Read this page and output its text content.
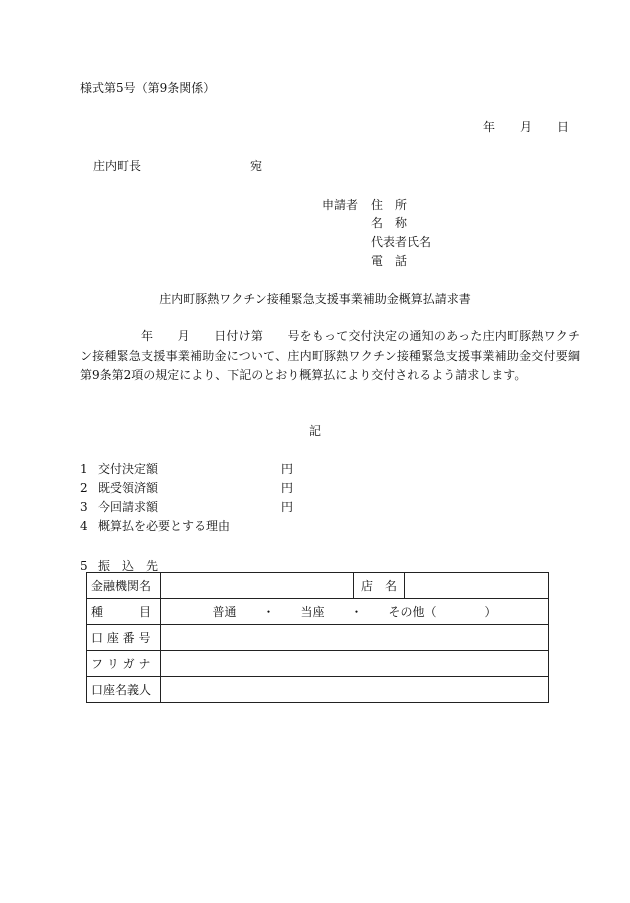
様式第5号（第9条関係）
年 月 日
庄内町長	宛
申請者 住　所
名　称
代表者氏名
電　話
庄内町豚熱ワクチン接種緊急支援事業補助金概算払請求書
　　　　　年　　月　　日付け第　　号をもって交付決定の通知のあった庄内町豚熱ワクチン接種緊急支援事業補助金について、庄内町豚熱ワクチン接種緊急支援事業補助金交付要綱第9条第2項の規定により、下記のとおり概算払により交付されるよう請求します。
記
1 交付決定額	円
2 既受領済額	円
3 今回請求額	円
4 概算払を必要とする理由
5 振　込　先
金融機関名		店　名	
種　　　目	普通 ・ 当座 ・ その他（　　　　）		
口 座 番 号			
フ リ ガ ナ			
口座名義人			
